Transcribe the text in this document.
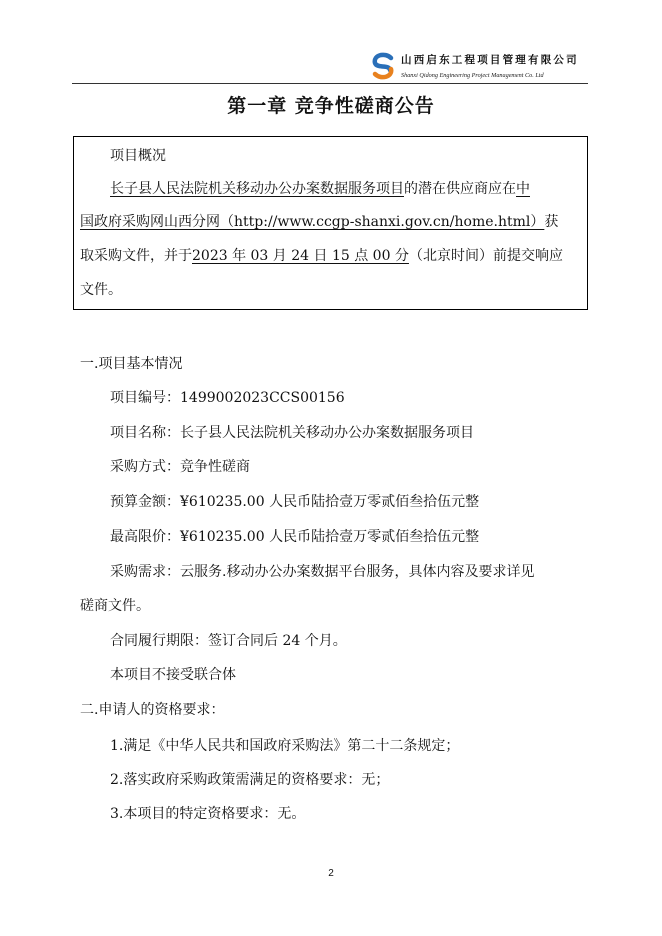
山西启东工程项目管理有限公司
Shanxi Qidong Engineering Project Management Co. Ltd
第一章 竞争性磋商公告
项目概况
长子县人民法院机关移动办公办案数据服务项目的潜在供应商应在中
国政府采购网山西分网（http://www.ccgp-shanxi.gov.cn/home.html）获
取采购文件，并于2023 年 03 月 24 日 15 点 00 分（北京时间）前提交响应
文件。
一.项目基本情况
项目编号：1499002023CCS00156
项目名称：长子县人民法院机关移动办公办案数据服务项目
采购方式：竞争性磋商
预算金额：¥610235.00 人民币陆拾壹万零贰佰叁拾伍元整
最高限价：¥610235.00 人民币陆拾壹万零贰佰叁拾伍元整
采购需求：云服务.移动办公办案数据平台服务，具体内容及要求详见
磋商文件。
合同履行期限：签订合同后 24 个月。
本项目不接受联合体
二.申请人的资格要求：
1.满足《中华人民共和国政府采购法》第二十二条规定；
2.落实政府采购政策需满足的资格要求：无；
3.本项目的特定资格要求：无。
2
